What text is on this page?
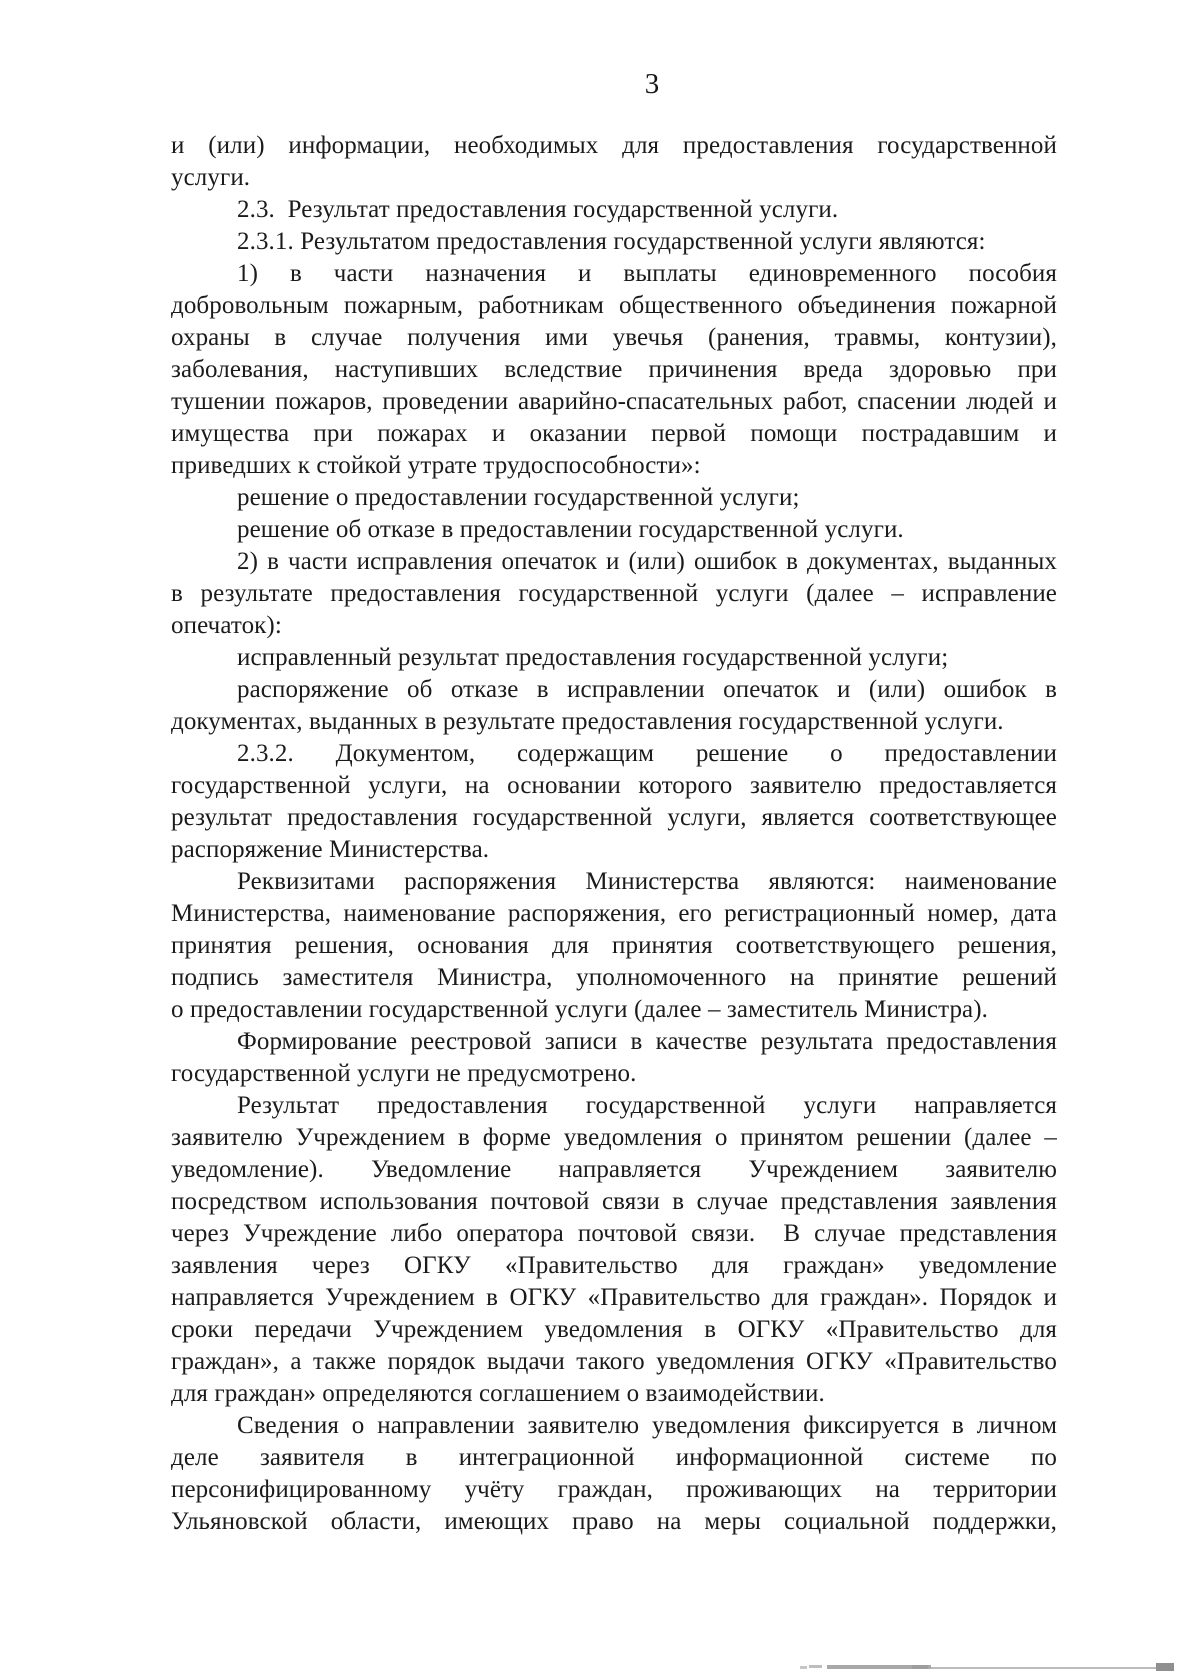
3
и (или) информации, необходимых для предоставления государственной
услуги.
2.3.  Результат предоставления государственной услуги.
2.3.1. Результатом предоставления государственной услуги являются:
1) в части назначения и выплаты единовременного пособия
добровольным пожарным, работникам общественного объединения пожарной
охраны в случае получения ими увечья (ранения, травмы, контузии),
заболевания, наступивших вследствие причинения вреда здоровью при
тушении пожаров, проведении аварийно-спасательных работ, спасении людей и
имущества при пожарах и оказании первой помощи пострадавшим и
приведших к стойкой утрате трудоспособности»:
решение о предоставлении государственной услуги;
решение об отказе в предоставлении государственной услуги.
2) в части исправления опечаток и (или) ошибок в документах, выданных
в результате предоставления государственной услуги (далее – исправление
опечаток):
исправленный результат предоставления государственной услуги;
распоряжение об отказе в исправлении опечаток и (или) ошибок в
документах, выданных в результате предоставления государственной услуги.
2.3.2. Документом, содержащим решение о предоставлении
государственной услуги, на основании которого заявителю предоставляется
результат предоставления государственной услуги, является соответствующее
распоряжение Министерства.
Реквизитами распоряжения Министерства являются: наименование
Министерства, наименование распоряжения, его регистрационный номер, дата
принятия решения, основания для принятия соответствующего решения,
подпись заместителя Министра, уполномоченного на принятие решений
о предоставлении государственной услуги (далее – заместитель Министра).
Формирование реестровой записи в качестве результата предоставления
государственной услуги не предусмотрено.
Результат предоставления государственной услуги направляется
заявителю Учреждением в форме уведомления о принятом решении (далее –
уведомление). Уведомление направляется Учреждением заявителю
посредством использования почтовой связи в случае представления заявления
через Учреждение либо оператора почтовой связи.  В случае представления
заявления через ОГКУ «Правительство для граждан» уведомление
направляется Учреждением в ОГКУ «Правительство для граждан». Порядок и
сроки передачи Учреждением уведомления в ОГКУ «Правительство для
граждан», а также порядок выдачи такого уведомления ОГКУ «Правительство
для граждан» определяются соглашением о взаимодействии.
Сведения о направлении заявителю уведомления фиксируется в личном
деле заявителя в интеграционной информационной системе по
персонифицированному учёту граждан, проживающих на территории
Ульяновской области, имеющих право на меры социальной поддержки,
